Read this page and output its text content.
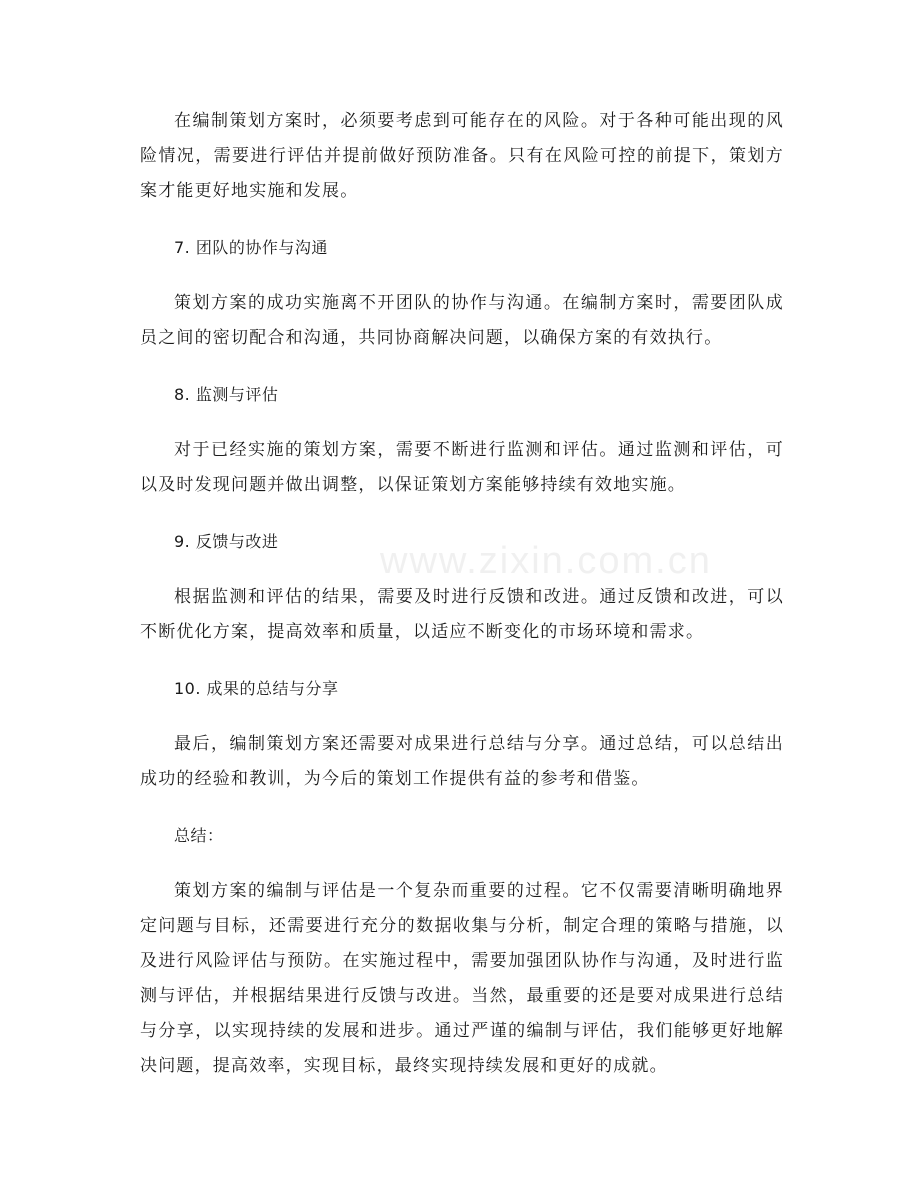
在编制策划方案时，必须要考虑到可能存在的风险。对于各种可能出现的风险情况，需要进行评估并提前做好预防准备。只有在风险可控的前提下，策划方案才能更好地实施和发展。

7. 团队的协作与沟通

策划方案的成功实施离不开团队的协作与沟通。在编制方案时，需要团队成员之间的密切配合和沟通，共同协商解决问题，以确保方案的有效执行。

8. 监测与评估

对于已经实施的策划方案，需要不断进行监测和评估。通过监测和评估，可以及时发现问题并做出调整，以保证策划方案能够持续有效地实施。

9. 反馈与改进

根据监测和评估的结果，需要及时进行反馈和改进。通过反馈和改进，可以不断优化方案，提高效率和质量，以适应不断变化的市场环境和需求。

10. 成果的总结与分享

最后，编制策划方案还需要对成果进行总结与分享。通过总结，可以总结出成功的经验和教训，为今后的策划工作提供有益的参考和借鉴。

总结：

策划方案的编制与评估是一个复杂而重要的过程。它不仅需要清晰明确地界定问题与目标，还需要进行充分的数据收集与分析，制定合理的策略与措施，以及进行风险评估与预防。在实施过程中，需要加强团队协作与沟通，及时进行监测与评估，并根据结果进行反馈与改进。当然，最重要的还是要对成果进行总结与分享，以实现持续的发展和进步。通过严谨的编制与评估，我们能够更好地解决问题，提高效率，实现目标，最终实现持续发展和更好的成就。

www.zixin.com.cn
